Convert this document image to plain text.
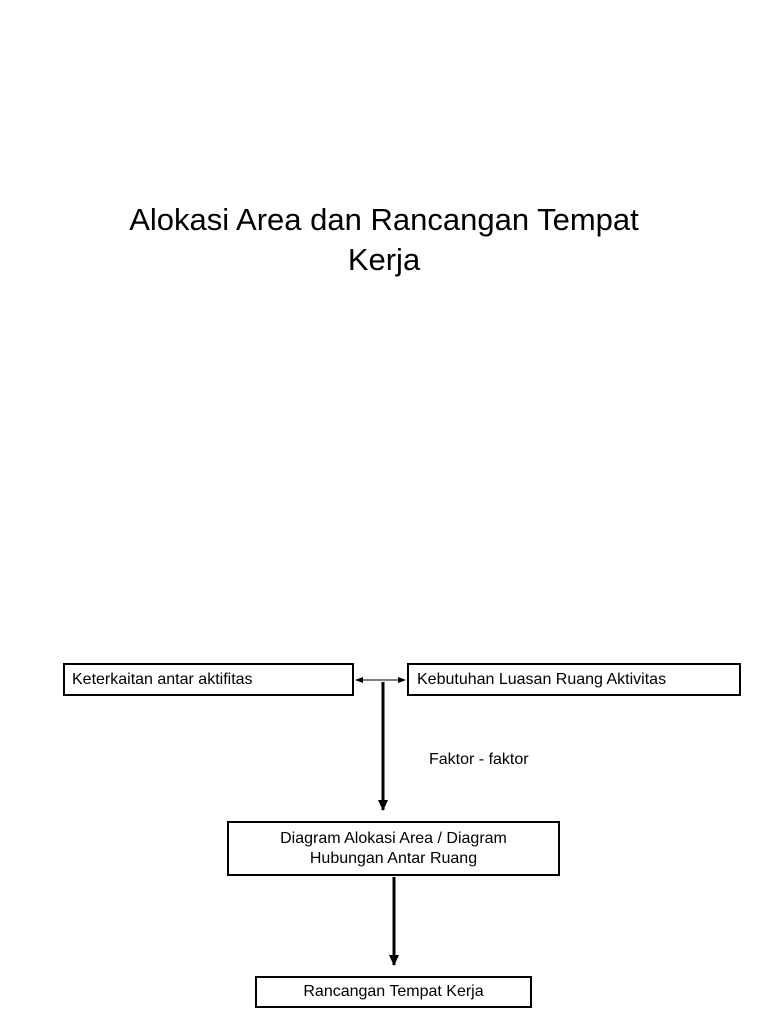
Alokasi Area dan Rancangan Tempat
Kerja
Keterkaitan antar aktifitas	Kebutuhan Luasan Ruang Aktivitas
Faktor - faktor
Diagram Alokasi Area / Diagram
Hubungan Antar Ruang
Rancangan Tempat Kerja
